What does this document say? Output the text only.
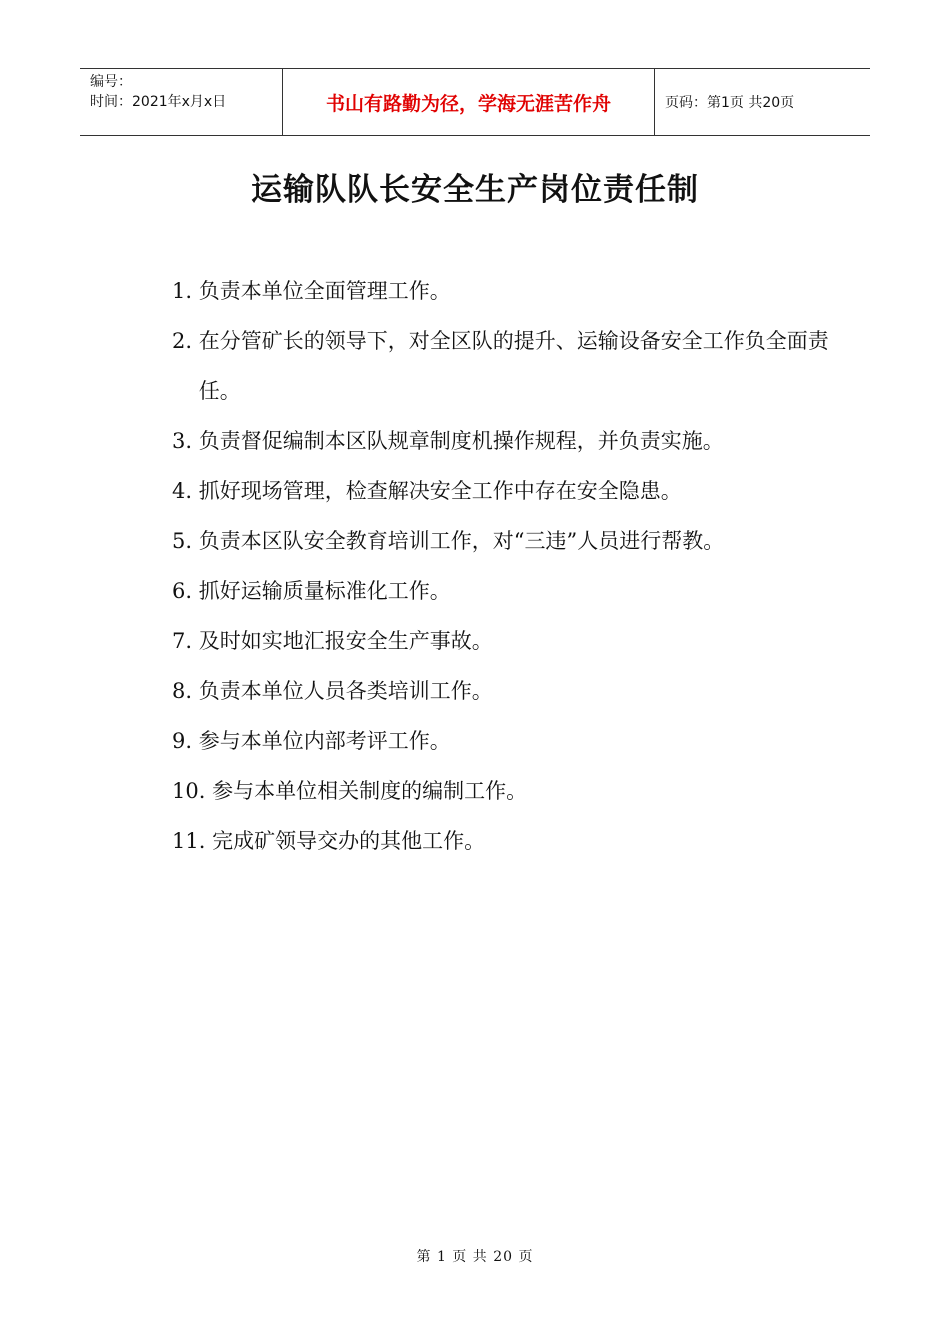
编号：
时间：2021年x月x日	书山有路勤为径，学海无涯苦作舟	页码：第1页 共20页
运输队队长安全生产岗位责任制
1. 负责本单位全面管理工作。
2. 在分管矿长的领导下，对全区队的提升、运输设备安全工作负全面责任。
3. 负责督促编制本区队规章制度机操作规程，并负责实施。
4. 抓好现场管理，检查解决安全工作中存在安全隐患。
5. 负责本区队安全教育培训工作，对“三违”人员进行帮教。
6. 抓好运输质量标准化工作。
7. 及时如实地汇报安全生产事故。
8. 负责本单位人员各类培训工作。
9. 参与本单位内部考评工作。
10. 参与本单位相关制度的编制工作。
11. 完成矿领导交办的其他工作。
第 1 页 共 20 页
